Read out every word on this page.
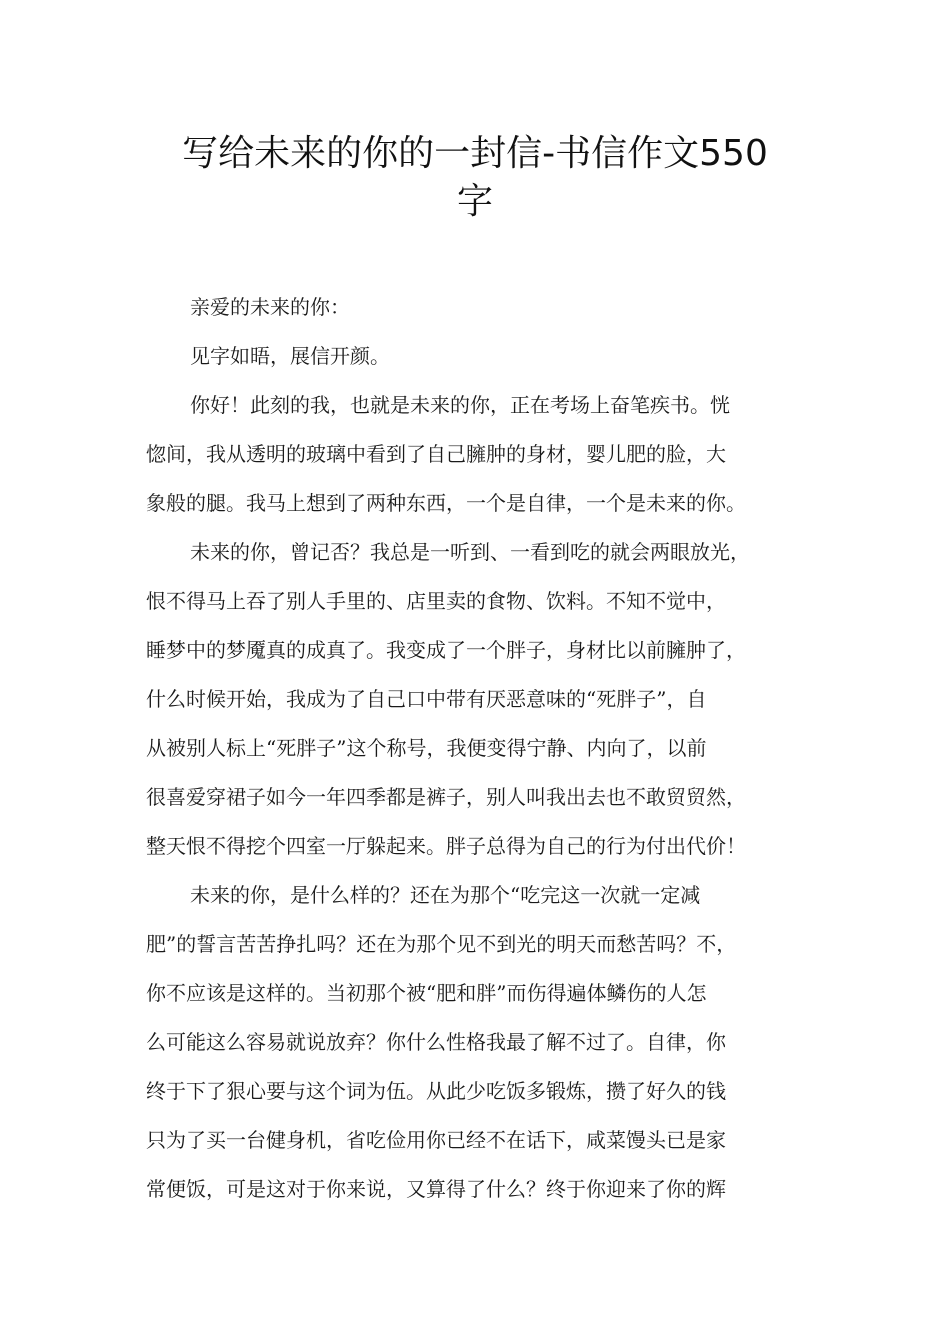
写给未来的你的一封信-书信作文550
字
亲爱的未来的你：
见字如晤，展信开颜。
你好！此刻的我，也就是未来的你，正在考场上奋笔疾书。恍
惚间，我从透明的玻璃中看到了自己臃肿的身材，婴儿肥的脸，大
象般的腿。我马上想到了两种东西，一个是自律，一个是未来的你。
未来的你，曾记否？我总是一听到、一看到吃的就会两眼放光，
恨不得马上吞了别人手里的、店里卖的食物、饮料。不知不觉中，
睡梦中的梦魇真的成真了。我变成了一个胖子，身材比以前臃肿了，
什么时候开始，我成为了自己口中带有厌恶意味的“死胖子”，自
从被别人标上“死胖子”这个称号，我便变得宁静、内向了，以前
很喜爱穿裙子如今一年四季都是裤子，别人叫我出去也不敢贸贸然，
整天恨不得挖个四室一厅躲起来。胖子总得为自己的行为付出代价！
未来的你，是什么样的？还在为那个“吃完这一次就一定减
肥”的誓言苦苦挣扎吗？还在为那个见不到光的明天而愁苦吗？不，
你不应该是这样的。当初那个被“肥和胖”而伤得遍体鳞伤的人怎
么可能这么容易就说放弃？你什么性格我最了解不过了。自律，你
终于下了狠心要与这个词为伍。从此少吃饭多锻炼，攒了好久的钱
只为了买一台健身机，省吃俭用你已经不在话下，咸菜馒头已是家
常便饭，可是这对于你来说，又算得了什么？终于你迎来了你的辉
